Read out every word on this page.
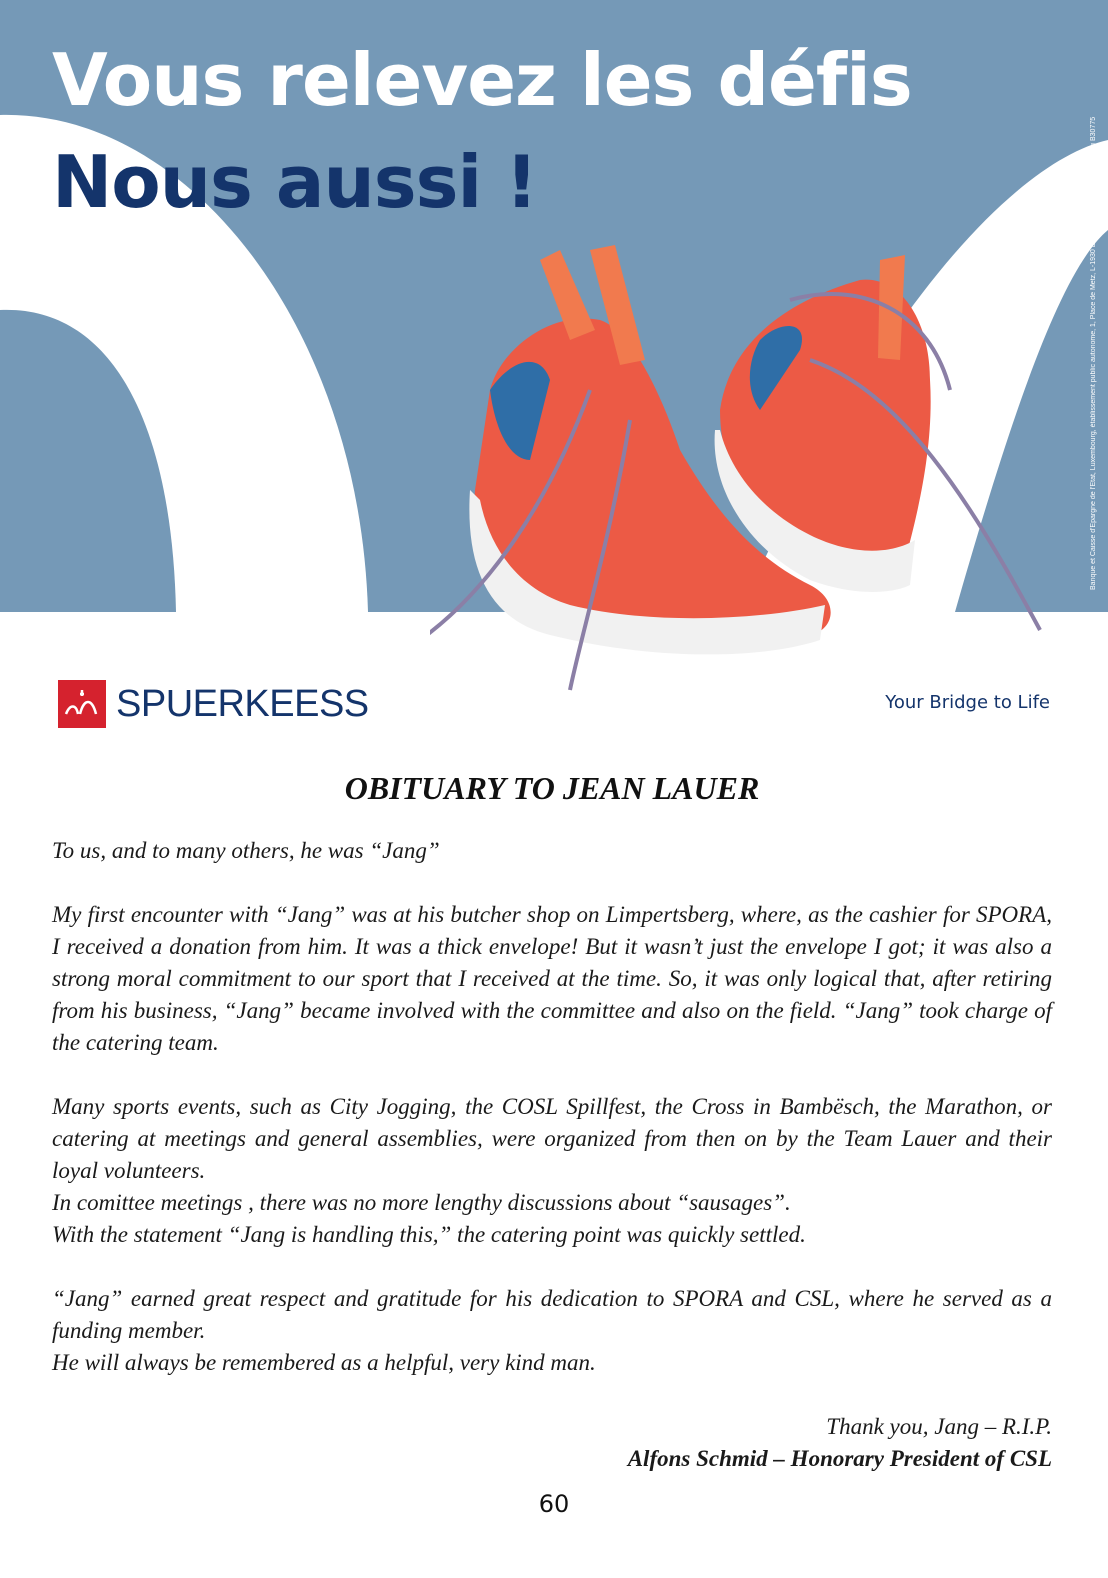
Vous relevez les défis
Nous aussi !	Banque et Caisse d'Epargne de l'Etat, Luxembourg, établissement public autonome, 1, Place de Metz, L-1930 Luxembourg, R.C.S. Luxembourg B30775
SPUERKEESS	Your Bridge to Life
OBITUARY TO JEAN LAUER

To us, and to many others, he was “Jang”

My first encounter with “Jang” was at his butcher shop on Limpertsberg, where, as the cashier for SPORA, I received a donation from him. It was a thick envelope! But it wasn’t just the envelope I got; it was also a strong moral commitment to our sport that I received at the time. So, it was only logical that, after retiring from his business, “Jang” became involved with the committee and also on the field. “Jang” took charge of the catering team.

Many sports events, such as City Jogging, the COSL Spillfest, the Cross in Bambësch, the Marathon, or catering at meetings and general assemblies, were organized from then on by the Team Lauer and their loyal volunteers.

In comittee meetings , there was no more lengthy discussions about “sausages”.

With the statement “Jang is handling this,” the catering point was quickly settled.

“Jang” earned great respect and gratitude for his dedication to SPORA and CSL, where he served as a funding member.

He will always be remembered as a helpful, very kind man.

Thank you, Jang – R.I.P.

Alfons Schmid – Honorary President of CSL

60
